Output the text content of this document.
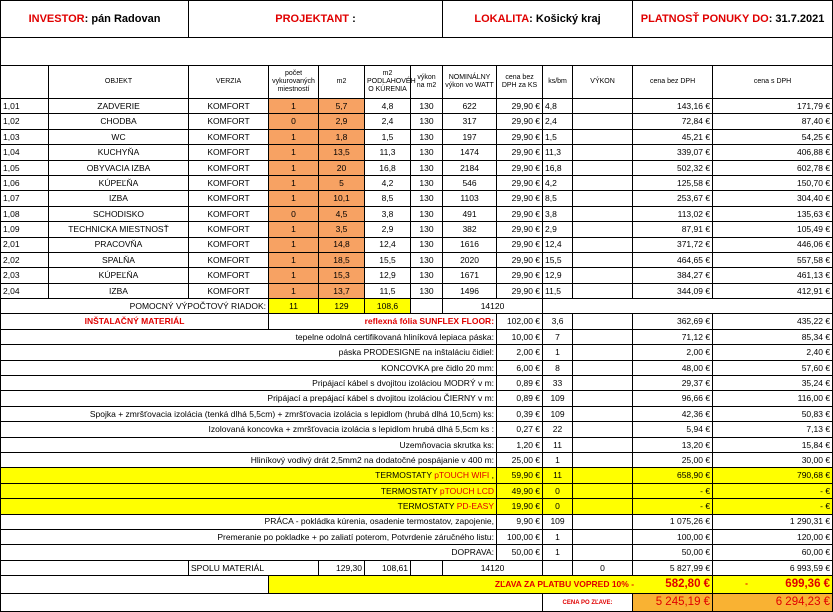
INVESTOR: pán Radovan		PROJEKTANT :					LOKALITA: Košický kraj				PLATNOSŤ PONUKY DO: 31.7.2021	

	OBJEKT	VERZIA	počet vykurovaných miestností	m2	m2 PODLAHOVÉH O KÚRENIA	výkon na m2	NOMINÁLNY výkon vo WATT	cena bez DPH za KS	ks/bm	VÝKON	cena bez DPH	cena s DPH
1,01	ZADVERIE	KOMFORT	1	5,7	4,8	130	622	29,90 €	4,8		143,16 €	171,79 €
1,02	CHODBA	KOMFORT	0	2,9	2,4	130	317	29,90 €	2,4		72,84 €	87,40 €
1,03	WC	KOMFORT	1	1,8	1,5	130	197	29,90 €	1,5		45,21 €	54,25 €
1,04	KUCHYŇA	KOMFORT	1	13,5	11,3	130	1474	29,90 €	11,3		339,07 €	406,88 €
1,05	OBYVACIA IZBA	KOMFORT	1	20	16,8	130	2184	29,90 €	16,8		502,32 €	602,78 €
1,06	KÚPEĽŇA	KOMFORT	1	5	4,2	130	546	29,90 €	4,2		125,58 €	150,70 €
1,07	IZBA	KOMFORT	1	10,1	8,5	130	1103	29,90 €	8,5		253,67 €	304,40 €
1,08	SCHODISKO	KOMFORT	0	4,5	3,8	130	491	29,90 €	3,8		113,02 €	135,63 €
1,09	TECHNICKA MIESTNOSŤ	KOMFORT	1	3,5	2,9	130	382	29,90 €	2,9		87,91 €	105,49 €
2,01	PRACOVŇA	KOMFORT	1	14,8	12,4	130	1616	29,90 €	12,4		371,72 €	446,06 €
2,02	SPALŇA	KOMFORT	1	18,5	15,5	130	2020	29,90 €	15,5		464,65 €	557,58 €
2,03	KÚPEĽŇA	KOMFORT	1	15,3	12,9	130	1671	29,90 €	12,9		384,27 €	461,13 €
2,04	IZBA	KOMFORT	1	13,7	11,5	130	1496	29,90 €	11,5		344,09 €	412,91 €
POMOCNÝ VÝPOČTOVÝ RIADOK:			11	129	108,6		14120					
INŠTALAČNÝ MATERIÁL			reflexná fólia SUNFLEX FLOOR:					102,00 €	3,6		362,69 €	435,22 €
tepelne odolná certifikovaná hliníková lepiaca páska:								10,00 €	7		71,12 €	85,34 €
páska PRODESIGNE na inštaláciu čidiel:								2,00 €	1		2,00 €	2,40 €
KONCOVKA pre čidlo 20 mm:								6,00 €	8		48,00 €	57,60 €
Pripájací kábel s dvojitou izoláciou MODRÝ v m:								0,89 €	33		29,37 €	35,24 €
Pripájací a prepájací kábel s dvojitou izoláciou ČIERNY v m:								0,89 €	109		96,66 €	116,00 €
Spojka + zmršťovacia izolácia (tenká dlhá 5,5cm) + zmršťovacia izolácia s lepidlom (hrubá dlhá 10,5cm) ks:								0,39 €	109		42,36 €	50,83 €
Izolovaná koncovka + zmršťovacia izolácia s lepidlom hrubá dlhá 5,5cm ks :								0,27 €	22		5,94 €	7,13 €
Uzemňovacia skrutka ks:								1,20 €	11		13,20 €	15,84 €
Hliníkový vodivý drát 2,5mm2 na dodatočné pospájanie v 400 m:								25,00 €	1		25,00 €	30,00 €
TERMOSTATY pTOUCH WIFI ,								59,90 €	11		658,90 €	790,68 €
TERMOSTATY pTOUCH LCD								49,90 €	0		- €	- €
TERMOSTATY PD-EASY								19,90 €	0		- €	- €
PRÁCA - pokládka kúrenia, osadenie termostatov, zapojenie,								9,90 €	109		1 075,26 €	1 290,31 €
Premeranie po pokladke + po zaliatí poterom, Potvrdenie záručného listu:								100,00 €	1		100,00 €	120,00 €
DOPRAVA:								50,00 €	1		50,00 €	60,00 €
		SPOLU MATERIÁL		129,30	108,61		14120			0	5 827,99 €	6 993,59 €
			ZĽAVA ZA PLATBU VOPRED 10% - 582,80 €									- 699,36 €
									CENA PO ZĽAVE:		5 245,19 €	6 294,23 €
